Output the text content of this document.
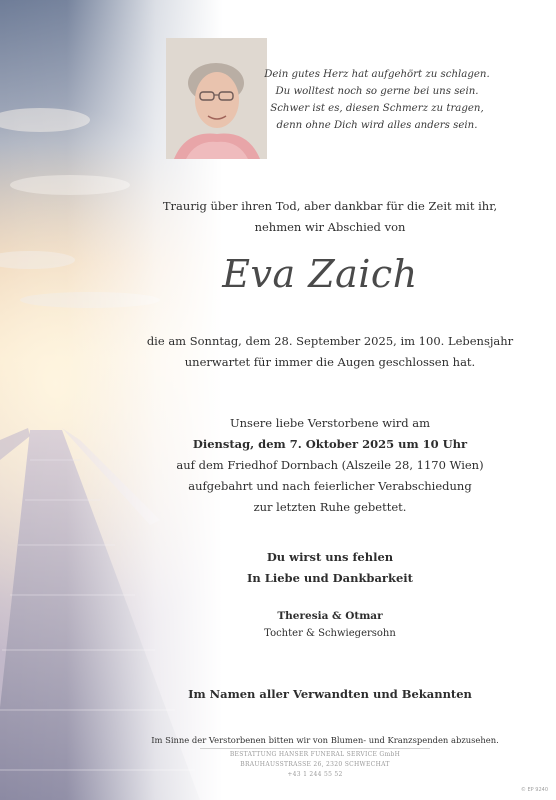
Dein gutes Herz hat aufgehört zu schlagen.
Du wolltest noch so gerne bei uns sein.
Schwer ist es, diesen Schmerz zu tragen,
denn ohne Dich wird alles anders sein.
Traurig über ihren Tod, aber dankbar für die Zeit mit ihr,
nehmen wir Abschied von
Eva Zaich
die am Sonntag, dem 28. September 2025, im 100. Lebensjahr
unerwartet für immer die Augen geschlossen hat.
Unsere liebe Verstorbene wird am
Dienstag, dem 7. Oktober 2025 um 10 Uhr
auf dem Friedhof Dornbach (Alszeile 28, 1170 Wien)
aufgebahrt und nach feierlicher Verabschiedung
zur letzten Ruhe gebettet.
Du wirst uns fehlen
In Liebe und Dankbarkeit
Theresia & Otmar
Tochter & Schwiegersohn
Im Namen aller Verwandten und Bekannten
Im Sinne der Verstorbenen bitten wir von Blumen- und Kranzspenden abzusehen.
BESTATTUNG HANSER FUNERAL SERVICE GmbH
BRAUHAUSSTRASSE 26, 2320 SCHWECHAT
+43 1 244 55 52
© EP 9240
